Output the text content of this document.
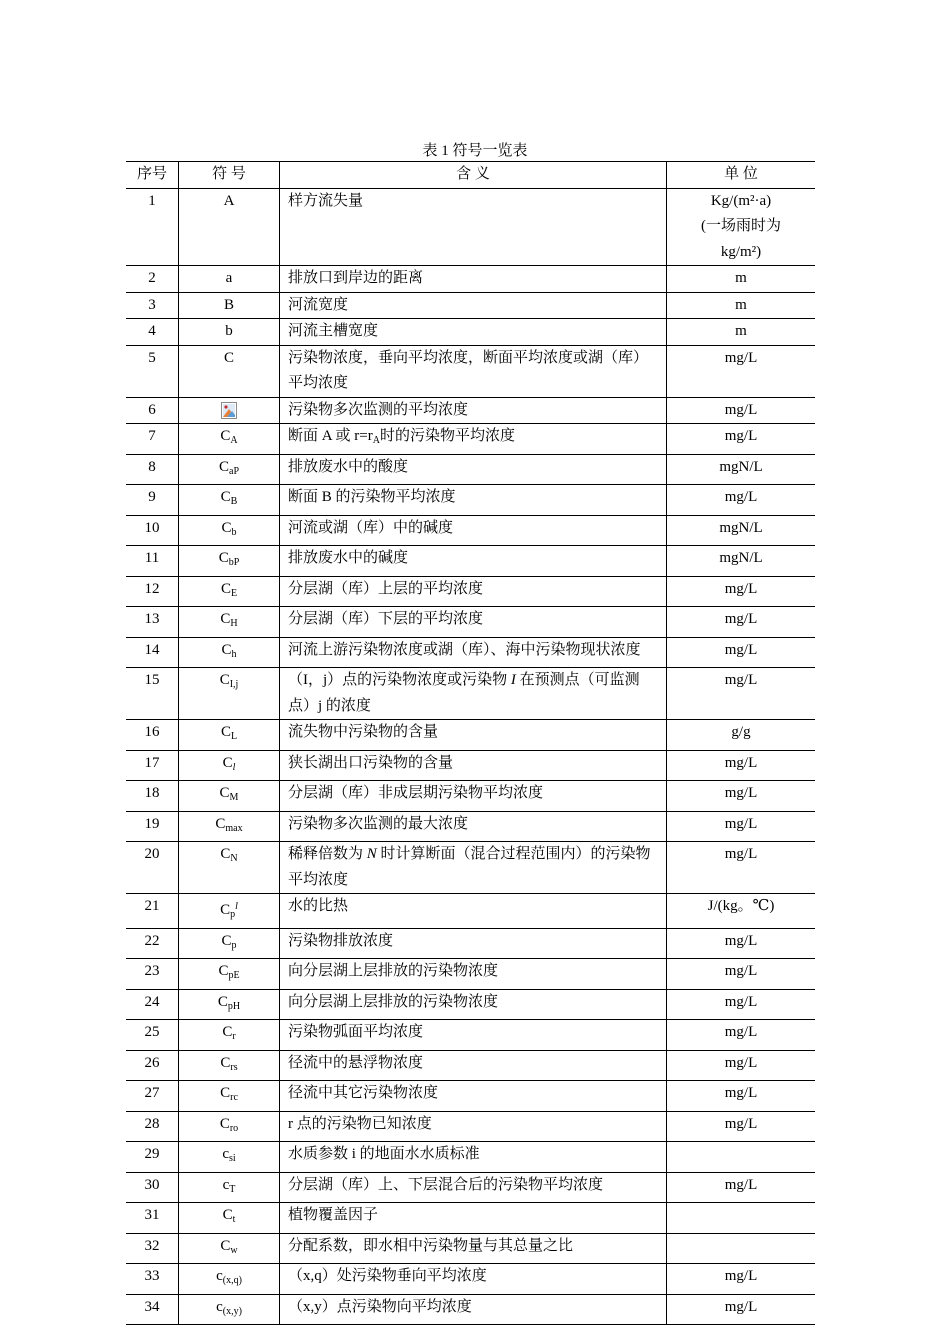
表 1 符号一览表
序号	符 号	含 义	单 位
1	A	样方流失量	Kg/(m²·a)
(一场雨时为
kg/m²)

2	a	排放口到岸边的距离	m
3	B	河流宽度	m
4	b	河流主槽宽度	m
5	C	污染物浓度，垂向平均浓度，断面平均浓度或湖（库）平均浓度	mg/L
6		污染物多次监测的平均浓度	mg/L
7	$C_A$	断面 A 或 $r=r_A$时的污染物平均浓度	mg/L
8	$C_{aP}$	排放废水中的酸度	mgN/L
9	$C_B$	断面 B 的污染物平均浓度	mg/L
10	$C_b$	河流或湖（库）中的碱度	mgN/L
11	$C_{bP}$	排放废水中的碱度	mgN/L
12	$C_E$	分层湖（库）上层的平均浓度	mg/L
13	$C_H$	分层湖（库）下层的平均浓度	mg/L
14	$C_h$	河流上游污染物浓度或湖（库）、海中污染物现状浓度	mg/L
15	$C_{I,j}$	（I，j）点的污染物浓度或污染物 I 在预测点（可监测点）j 的浓度	mg/L
16	$C_L$	流失物中污染物的含量	g/g
17	$C_l$	狭长湖出口污染物的含量	mg/L
18	$C_M$	分层湖（库）非成层期污染物平均浓度	mg/L
19	$C_{max}$	污染物多次监测的最大浓度	mg/L
20	$C_N$	稀释倍数为 N 时计算断面（混合过程范围内）的污染物平均浓度	mg/L
21	$C_p^l$	水的比热	J/(kg。℃)
22	$C_p$	污染物排放浓度	mg/L
23	$C_{pE}$	向分层湖上层排放的污染物浓度	mg/L
24	$C_{pH}$	向分层湖上层排放的污染物浓度	mg/L
25	$C_r$	污染物弧面平均浓度	mg/L
26	$C_{rs}$	径流中的悬浮物浓度	mg/L
27	$C_{rc}$	径流中其它污染物浓度	mg/L
28	$C_{ro}$	r 点的污染物已知浓度	mg/L
29	$c_{si}$	水质参数 i 的地面水水质标准	
30	$c_T$	分层湖（库）上、下层混合后的污染物平均浓度	mg/L
31	$C_t$	植物覆盖因子	
32	$C_w$	分配系数，即水相中污染物量与其总量之比	
33	$c_{(x,q)}$	（x,q）处污染物垂向平均浓度	mg/L
34	$c_{(x,y)}$	（x,y）点污染物向平均浓度	mg/L
